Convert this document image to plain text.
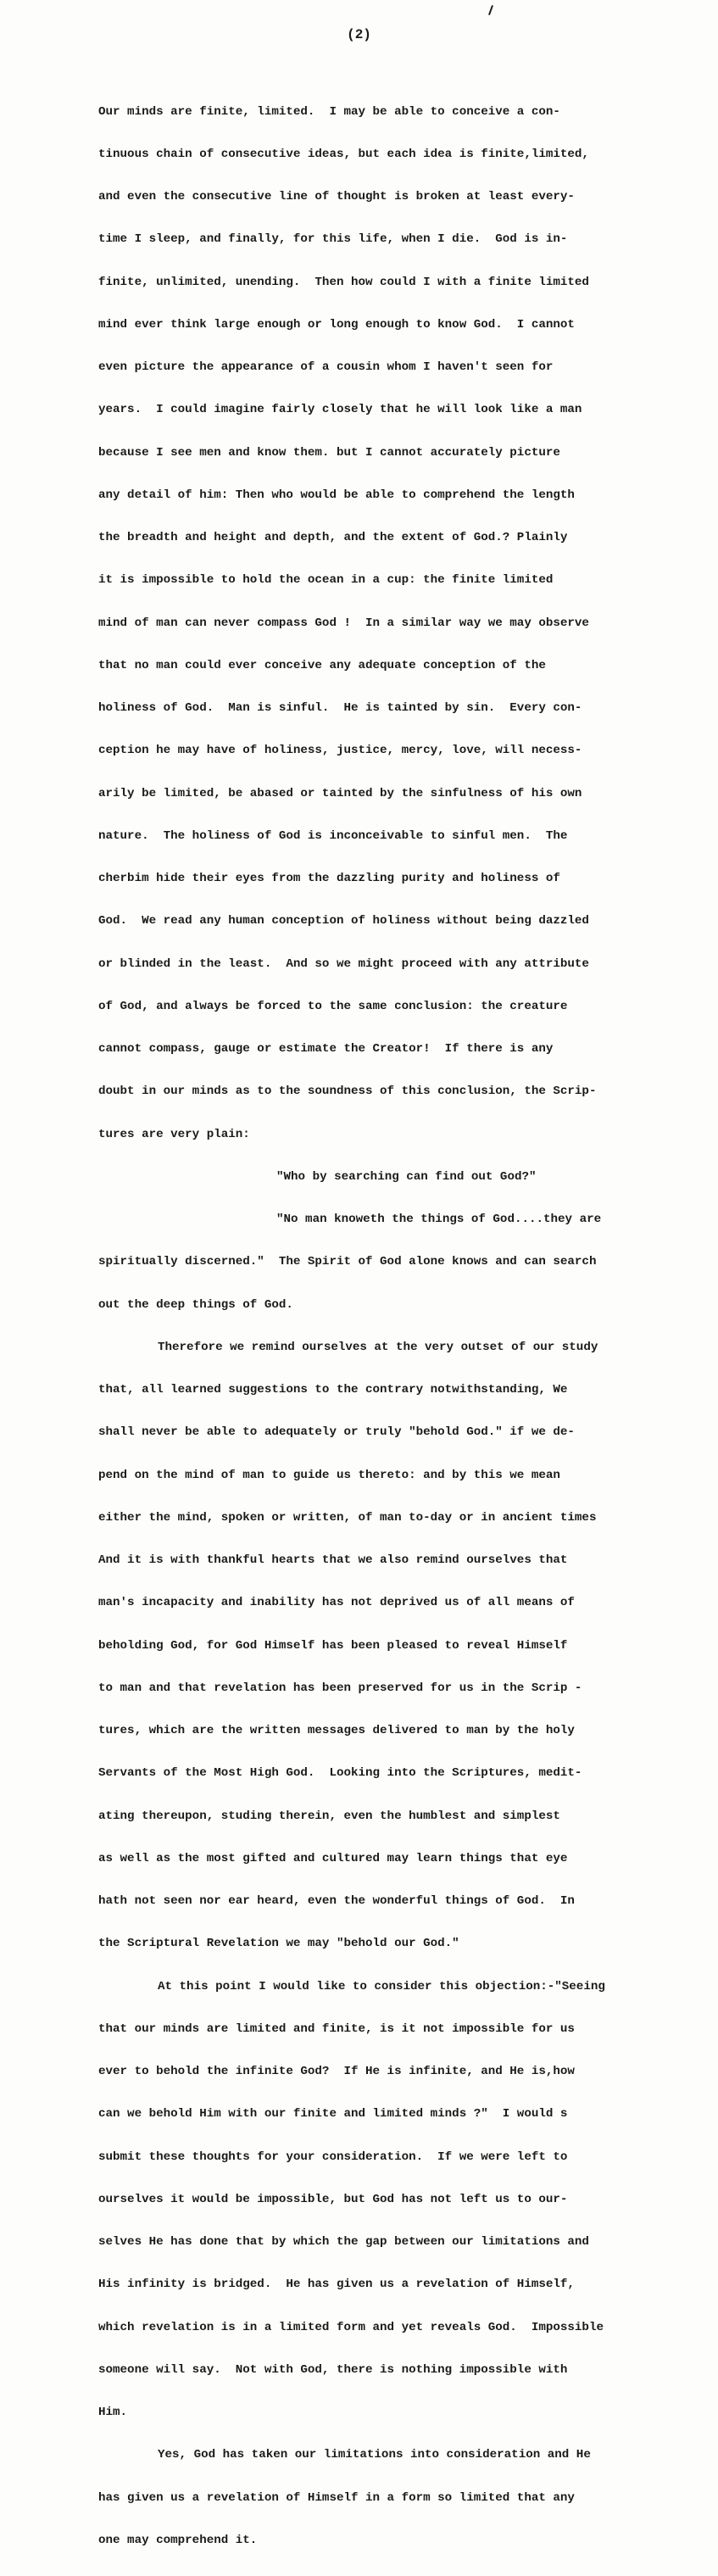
(2)

Our minds are finite, limited.  I may be able to conceive a con-

tinuous chain of consecutive ideas, but each idea is finite,limited,

and even the consecutive line of thought is broken at least every-

time I sleep, and finally, for this life, when I die.  God is in-

finite, unlimited, unending.  Then how could I with a finite limited

mind ever think large enough or long enough to know God.  I cannot

even picture the appearance of a cousin whom I haven't seen for

years.  I could imagine fairly closely that he will look like a man

because I see men and know them. but I cannot accurately picture

any detail of him: Then who would be able to comprehend the length

the breadth and height and depth, and the extent of God.? Plainly

it is impossible to hold the ocean in a cup: the finite limited

mind of man can never compass God !  In a similar way we may observe

that no man could ever conceive any adequate conception of the

holiness of God.  Man is sinful.  He is tainted by sin.  Every con-

ception he may have of holiness, justice, mercy, love, will necess-

arily be limited, be abased or tainted by the sinfulness of his own

nature.  The holiness of God is inconceivable to sinful men.  The

cherbim hide their eyes from the dazzling purity and holiness of

God.  We read any human conception of holiness without being dazzled

or blinded in the least.  And so we might proceed with any attribute

of God, and always be forced to the same conclusion: the creature

cannot compass, gauge or estimate the Creator!  If there is any

doubt in our minds as to the soundness of this conclusion, the Scrip-

tures are very plain:

"Who by searching can find out God?"

"No man knoweth the things of God....they are

spiritually discerned."  The Spirit of God alone knows and can search

out the deep things of God.

Therefore we remind ourselves at the very outset of our study

that, all learned suggestions to the contrary notwithstanding, We

shall never be able to adequately or truly "behold God." if we de-

pend on the mind of man to guide us thereto: and by this we mean

either the mind, spoken or written, of man to-day or in ancient times

And it is with thankful hearts that we also remind ourselves that

man's incapacity and inability has not deprived us of all means of

beholding God, for God Himself has been pleased to reveal Himself

to man and that revelation has been preserved for us in the Scrip -

tures, which are the written messages delivered to man by the holy

Servants of the Most High God.  Looking into the Scriptures, medit-

ating thereupon, studing therein, even the humblest and simplest

as well as the most gifted and cultured may learn things that eye

hath not seen nor ear heard, even the wonderful things of God.  In

the Scriptural Revelation we may "behold our God."

At this point I would like to consider this objection:-"Seeing

that our minds are limited and finite, is it not impossible for us

ever to behold the infinite God?  If He is infinite, and He is,how

can we behold Him with our finite and limited minds ?"  I would s

submit these thoughts for your consideration.  If we were left to

ourselves it would be impossible, but God has not left us to our-

selves He has done that by which the gap between our limitations and

His infinity is bridged.  He has given us a revelation of Himself,

which revelation is in a limited form and yet reveals God.  Impossible

someone will say.  Not with God, there is nothing impossible with

Him.

Yes, God has taken our limitations into consideration and He

has given us a revelation of Himself in a form so limited that any

one may comprehend it.
